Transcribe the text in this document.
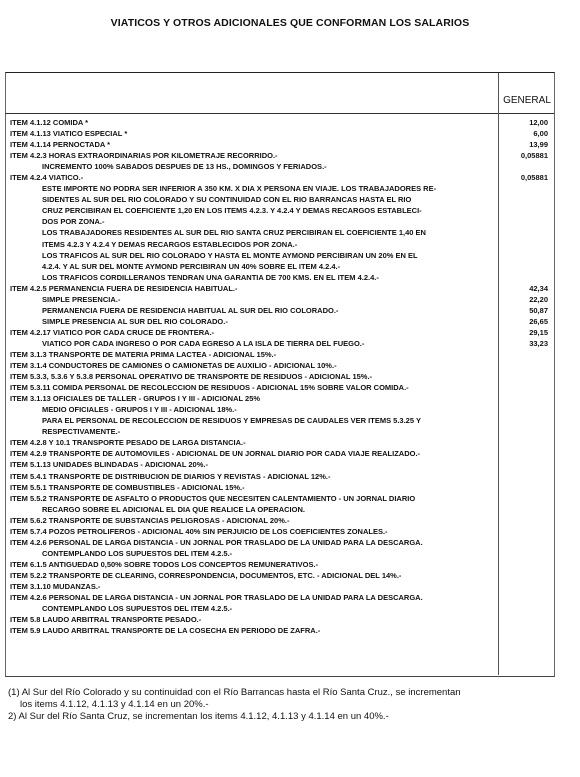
VIATICOS Y OTROS ADICIONALES QUE CONFORMAN LOS SALARIOS
GENERAL
ITEM 4.1.12 COMIDA *	12,00
ITEM 4.1.13 VIATICO ESPECIAL *	6,00
ITEM 4.1.14 PERNOCTADA *	13,99
ITEM 4.2.3 HORAS EXTRAORDINARIAS POR KILOMETRAJE RECORRIDO.-	0,05881
INCREMENTO 100% SABADOS DESPUES DE 13 HS., DOMINGOS Y FERIADOS.-
ITEM 4.2.4 VIATICO.-	0,05881
ESTE IMPORTE NO PODRA SER INFERIOR A 350 KM. X DIA X PERSONA EN VIAJE. LOS TRABAJADORES RE-
SIDENTES AL SUR DEL RIO COLORADO Y SU CONTINUIDAD CON EL RIO BARRANCAS HASTA EL RIO
CRUZ PERCIBIRAN EL COEFICIENTE 1,20 EN LOS ITEMS 4.2.3. Y 4.2.4 Y DEMAS RECARGOS ESTABLECI-
DOS POR ZONA.-
LOS TRABAJADORES RESIDENTES AL SUR DEL RIO SANTA CRUZ PERCIBIRAN EL COEFICIENTE 1,40 EN
ITEMS 4.2.3 Y 4.2.4 Y DEMAS RECARGOS ESTABLECIDOS POR ZONA.-
LOS TRAFICOS AL SUR DEL RIO COLORADO Y HASTA EL MONTE AYMOND PERCIBIRAN UN 20% EN EL
4.2.4. Y AL SUR DEL MONTE AYMOND PERCIBIRAN UN 40% SOBRE EL ITEM 4.2.4.-
LOS TRAFICOS CORDILLERANOS TENDRAN UNA GARANTIA DE 700 KMS. EN EL ITEM 4.2.4.-
ITEM 4.2.5 PERMANENCIA FUERA DE RESIDENCIA HABITUAL.-	42,34
SIMPLE PRESENCIA.-	22,20
PERMANENCIA FUERA DE RESIDENCIA HABITUAL AL SUR DEL RIO COLORADO.-	50,87
SIMPLE PRESENCIA AL SUR DEL RIO COLORADO.-	26,65
ITEM 4.2.17 VIATICO POR CADA CRUCE DE FRONTERA.-	29,15
VIATICO POR CADA INGRESO O POR CADA EGRESO A LA ISLA DE TIERRA DEL FUEGO.-	33,23
ITEM 3.1.3 TRANSPORTE DE MATERIA PRIMA LACTEA - ADICIONAL 15%.-
ITEM 3.1.4 CONDUCTORES DE CAMIONES O CAMIONETAS DE AUXILIO - ADICIONAL 10%.-
ITEM 5.3.3, 5.3.6 Y 5.3.8 PERSONAL OPERATIVO DE TRANSPORTE DE RESIDUOS - ADICIONAL 15%.-
ITEM 5.3.11 COMIDA PERSONAL DE RECOLECCION DE RESIDUOS - ADICIONAL 15% SOBRE VALOR COMIDA.-
ITEM 3.1.13 OFICIALES DE TALLER - GRUPOS I Y III - ADICIONAL 25%
MEDIO OFICIALES - GRUPOS I Y III - ADICIONAL 18%.-
PARA EL PERSONAL DE RECOLECCION DE RESIDUOS Y EMPRESAS DE CAUDALES VER ITEMS 5.3.25 Y
RESPECTIVAMENTE.-
ITEM 4.2.8 Y 10.1 TRANSPORTE PESADO DE LARGA DISTANCIA.-
ITEM 4.2.9 TRANSPORTE DE AUTOMOVILES - ADICIONAL DE UN JORNAL DIARIO POR CADA VIAJE REALIZADO.-
ITEM 5.1.13 UNIDADES BLINDADAS - ADICIONAL 20%.-
ITEM 5.4.1 TRANSPORTE DE DISTRIBUCION DE DIARIOS Y REVISTAS - ADICIONAL 12%.-
ITEM 5.5.1 TRANSPORTE DE COMBUSTIBLES - ADICIONAL 15%.-
ITEM 5.5.2 TRANSPORTE DE ASFALTO O PRODUCTOS QUE NECESITEN CALENTAMIENTO - UN JORNAL DIARIO
RECARGO SOBRE EL ADICIONAL EL DIA QUE REALICE LA OPERACION.
ITEM 5.6.2 TRANSPORTE DE SUBSTANCIAS PELIGROSAS - ADICIONAL 20%.-
ITEM 5.7.4 POZOS PETROLIFEROS - ADICIONAL 40% SIN PERJUICIO DE LOS COEFICIENTES ZONALES.-
ITEM 4.2.6 PERSONAL DE LARGA DISTANCIA - UN JORNAL POR TRASLADO DE LA UNIDAD PARA LA DESCARGA.
CONTEMPLANDO LOS SUPUESTOS DEL ITEM 4.2.5.-
ITEM 6.1.5 ANTIGUEDAD 0,50% SOBRE TODOS LOS CONCEPTOS REMUNERATIVOS.-
ITEM 5.2.2 TRANSPORTE DE CLEARING, CORRESPONDENCIA, DOCUMENTOS, ETC. - ADICIONAL DEL 14%.-
ITEM 3.1.10 MUDANZAS.-
ITEM 4.2.6 PERSONAL DE LARGA DISTANCIA - UN JORNAL POR TRASLADO DE LA UNIDAD PARA LA DESCARGA.
CONTEMPLANDO LOS SUPUESTOS DEL ITEM 4.2.5.-
ITEM 5.8 LAUDO ARBITRAL TRANSPORTE PESADO.-
ITEM 5.9 LAUDO ARBITRAL TRANSPORTE DE LA COSECHA EN PERIODO DE ZAFRA.-
(1) Al Sur del Río Colorado y su continuidad con el Río Barrancas hasta el Río Santa Cruz., se incrementan
los items 4.1.12, 4.1.13 y 4.1.14 en un 20%.-
2) Al Sur del Río Santa Cruz, se incrementan los items 4.1.12, 4.1.13 y 4.1.14 en un 40%.-
